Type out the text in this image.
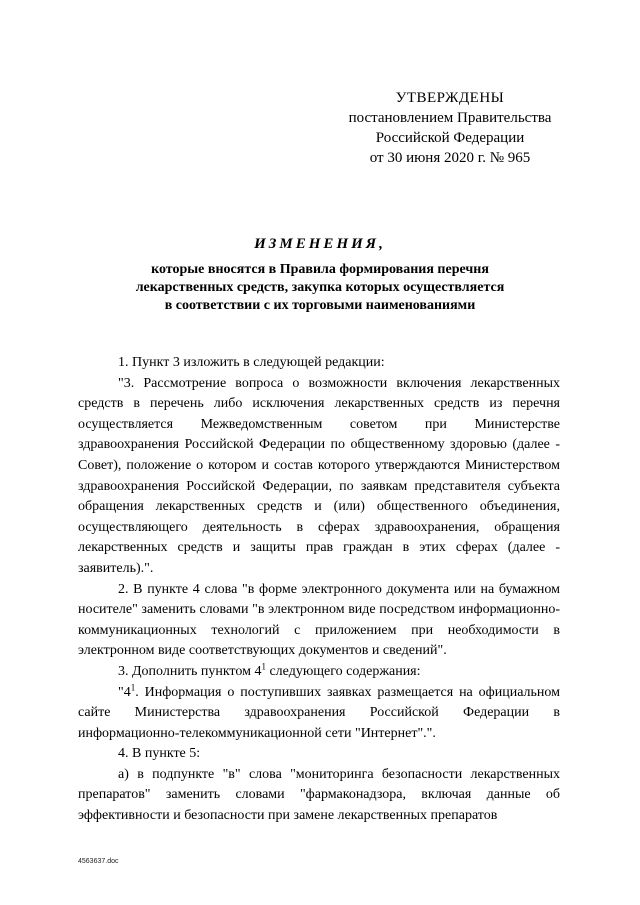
УТВЕРЖДЕНЫ
постановлением Правительства
Российской Федерации
от 30 июня 2020 г. № 965
ИЗМЕНЕНИЯ,
которые вносятся в Правила формирования перечня
лекарственных средств, закупка которых осуществляется
в соответствии с их торговыми наименованиями

1. Пункт 3 изложить в следующей редакции:

"3. Рассмотрение вопроса о возможности включения лекарственных средств в перечень либо исключения лекарственных средств из перечня осуществляется Межведомственным советом при Министерстве здравоохранения Российской Федерации по общественному здоровью (далее - Совет), положение о котором и состав которого утверждаются Министерством здравоохранения Российской Федерации, по заявкам представителя субъекта обращения лекарственных средств и (или) общественного объединения, осуществляющего деятельность в сферах здравоохранения, обращения лекарственных средств и защиты прав граждан в этих сферах (далее - заявитель).".

2. В пункте 4 слова "в форме электронного документа или на бумажном носителе" заменить словами "в электронном виде посредством информационно-коммуникационных технологий с приложением при необходимости в электронном виде соответствующих документов и сведений".

3. Дополнить пунктом $4^1$ следующего содержания:

"$4^1$. Информация о поступивших заявках размещается на официальном сайте Министерства здравоохранения Российской Федерации в информационно-телекоммуникационной сети "Интернет".".

4. В пункте 5:

а) в подпункте "в" слова "мониторинга безопасности лекарственных препаратов" заменить словами "фармаконадзора, включая данные об эффективности и безопасности при замене лекарственных препаратов

4563637.doc
